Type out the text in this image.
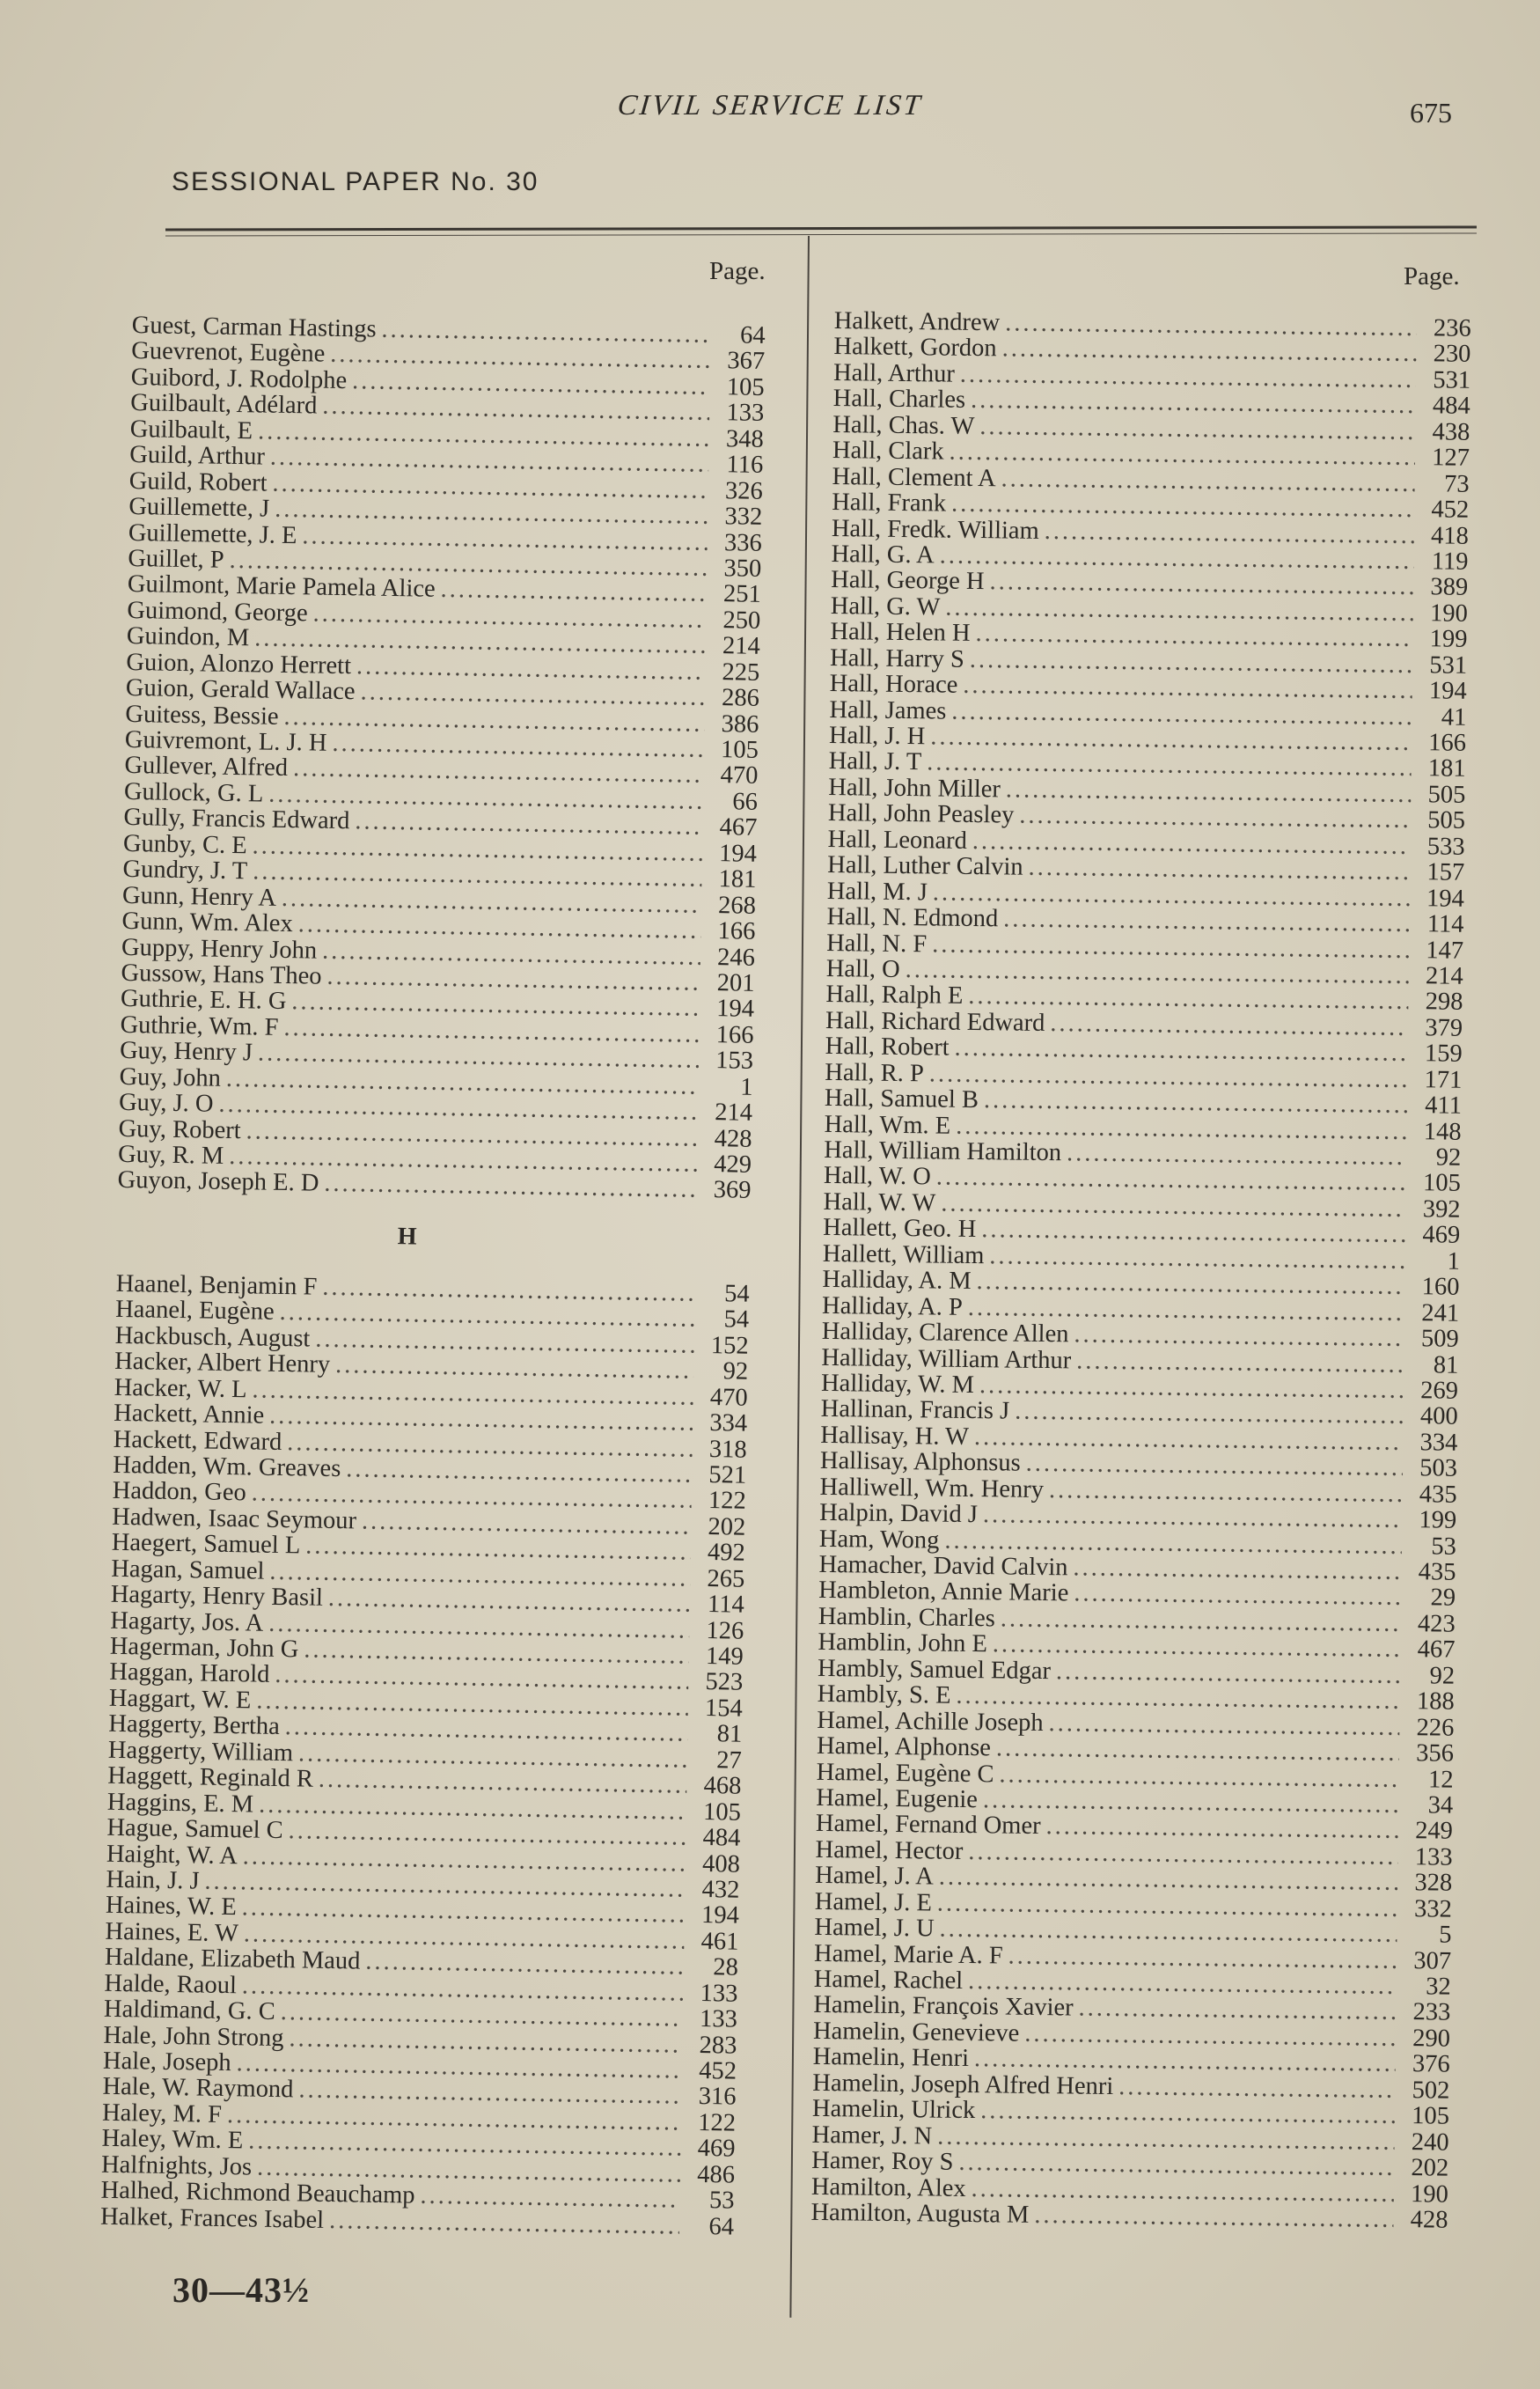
CIVIL SERVICE LIST	675
SESSIONAL PAPER No. 30
Page.	Page.
Guest, Carman Hastings .....	64
Guevrenot, Eugène .....	367
Guibord, J. Rodolphe .....	105
Guilbault, Adélard .....	133
Guilbault, E .....	348
Guild, Arthur .....	116
Guild, Robert .....	326
Guillemette, J .....	332
Guillemette, J. E .....	336
Guillet, P .....	350
Guilmont, Marie Pamela Alice .....	251
Guimond, George .....	250
Guindon, M .....	214
Guion, Alonzo Herrett .....	225
Guion, Gerald Wallace .....	286
Guitess, Bessie .....	386
Guivremont, L. J. H .....	105
Gullever, Alfred .....	470
Gullock, G. L .....	66
Gully, Francis Edward .....	467
Gunby, C. E .....	194
Gundry, J. T .....	181
Gunn, Henry A .....	268
Gunn, Wm. Alex .....	166
Guppy, Henry John .....	246
Gussow, Hans Theo .....	201
Guthrie, E. H. G .....	194
Guthrie, Wm. F .....	166
Guy, Henry J .....	153
Guy, John .....	1
Guy, J. O .....	214
Guy, Robert .....	428
Guy, R. M .....	429
Guyon, Joseph E. D .....	369
H
Haanel, Benjamin F .....	54
Haanel, Eugène .....	54
Hackbusch, August .....	152
Hacker, Albert Henry .....	92
Hacker, W. L .....	470
Hackett, Annie .....	334
Hackett, Edward .....	318
Hadden, Wm. Greaves .....	521
Haddon, Geo .....	122
Hadwen, Isaac Seymour .....	202
Haegert, Samuel L .....	492
Hagan, Samuel .....	265
Hagarty, Henry Basil .....	114
Hagarty, Jos. A .....	126
Hagerman, John G .....	149
Haggan, Harold .....	523
Haggart, W. E .....	154
Haggerty, Bertha .....	81
Haggerty, William .....	27
Haggett, Reginald R .....	468
Haggins, E. M .....	105
Hague, Samuel C .....	484
Haight, W. A .....	408
Hain, J. J .....	432
Haines, W. E .....	194
Haines, E. W .....	461
Haldane, Elizabeth Maud .....	28
Halde, Raoul .....	133
Haldimand, G. C .....	133
Hale, John Strong .....	283
Hale, Joseph .....	452
Hale, W. Raymond .....	316
Haley, M. F .....	122
Haley, Wm. E .....	469
Halfnights, Jos .....	486
Halhed, Richmond Beauchamp .....	53
Halket, Frances Isabel .....	64
Halkett, Andrew .....	236
Halkett, Gordon .....	230
Hall, Arthur .....	531
Hall, Charles .....	484
Hall, Chas. W .....	438
Hall, Clark .....	127
Hall, Clement A .....	73
Hall, Frank .....	452
Hall, Fredk. William .....	418
Hall, G. A .....	119
Hall, George H .....	389
Hall, G. W .....	190
Hall, Helen H .....	199
Hall, Harry S .....	531
Hall, Horace .....	194
Hall, James .....	41
Hall, J. H .....	166
Hall, J. T .....	181
Hall, John Miller .....	505
Hall, John Peasley .....	505
Hall, Leonard .....	533
Hall, Luther Calvin .....	157
Hall, M. J .....	194
Hall, N. Edmond .....	114
Hall, N. F .....	147
Hall, O .....	214
Hall, Ralph E .....	298
Hall, Richard Edward .....	379
Hall, Robert .....	159
Hall, R. P .....	171
Hall, Samuel B .....	411
Hall, Wm. E .....	148
Hall, William Hamilton .....	92
Hall, W. O .....	105
Hall, W. W .....	392
Hallett, Geo. H .....	469
Hallett, William .....	1
Halliday, A. M .....	160
Halliday, A. P .....	241
Halliday, Clarence Allen .....	509
Halliday, William Arthur .....	81
Halliday, W. M .....	269
Hallinan, Francis J .....	400
Hallisay, H. W .....	334
Hallisay, Alphonsus .....	503
Halliwell, Wm. Henry .....	435
Halpin, David J .....	199
Ham, Wong .....	53
Hamacher, David Calvin .....	435
Hambleton, Annie Marie .....	29
Hamblin, Charles .....	423
Hamblin, John E .....	467
Hambly, Samuel Edgar .....	92
Hambly, S. E .....	188
Hamel, Achille Joseph .....	226
Hamel, Alphonse .....	356
Hamel, Eugène C .....	12
Hamel, Eugenie .....	34
Hamel, Fernand Omer .....	249
Hamel, Hector .....	133
Hamel, J. A .....	328
Hamel, J. E .....	332
Hamel, J. U .....	5
Hamel, Marie A. F .....	307
Hamel, Rachel .....	32
Hamelin, François Xavier .....	233
Hamelin, Genevieve .....	290
Hamelin, Henri .....	376
Hamelin, Joseph Alfred Henri .....	502
Hamelin, Ulrick .....	105
Hamer, J. N .....	240
Hamer, Roy S .....	202
Hamilton, Alex .....	190
Hamilton, Augusta M .....	428
30—43½
